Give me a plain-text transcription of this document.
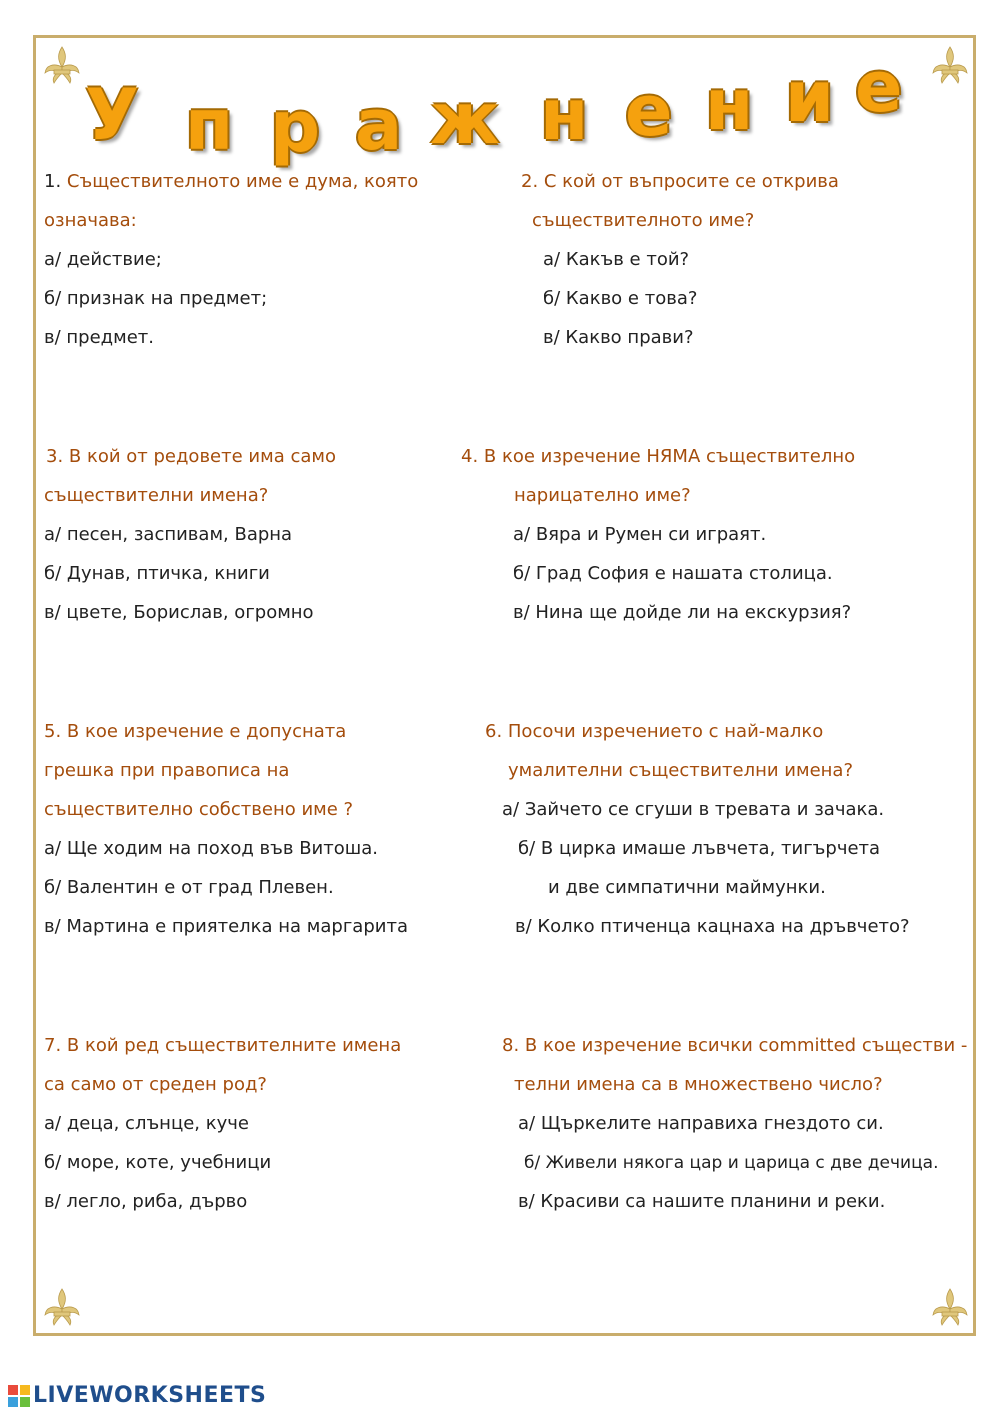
У п р а ж н е н и е
1. Съществителното име е дума, която
означава:
а/ действие;
б/ признак на предмет;
в/ предмет.
2. С кой от въпросите се открива
съществителното име?
а/ Какъв е той?
б/ Какво е това?
в/ Какво прави?
3. В кой от редовете има само
съществителни имена?
а/ песен, заспивам, Варна
б/ Дунав, птичка, книги
в/ цвете, Борислав, огромно
4. В кое изречение НЯМА съществително
нарицателно име?
а/ Вяра и Румен си играят.
б/ Град София е нашата столица.
в/ Нина ще дойде ли на екскурзия?
5. В кое изречение е допусната
грешка при правописа на
съществително собствено име ?
а/ Ще ходим на поход във Витоша.
б/ Валентин е от град Плевен.
в/ Мартина е приятелка на маргарита
6. Посочи изречението с най-малко
умалителни съществителни имена?
а/ Зайчето се сгуши в тревата и зачака.
б/ В цирка имаше лъвчета, тигърчета
и две симпатични маймунки.
в/ Колко птиченца кацнаха на дръвчето?
7. В кой ред съществителните имена
са само от среден род?
а/ деца, слънце, куче
б/ море, коте, учебници
в/ легло, риба, дърво
8. В кое изречение всички committed съществи -
телни имена са в множествено число?
а/ Щъркелите направиха гнездото си.
б/ Живели някога цар и царица с две дечица.
в/ Красиви са нашите планини и реки.
LIVEWORKSHEETS
